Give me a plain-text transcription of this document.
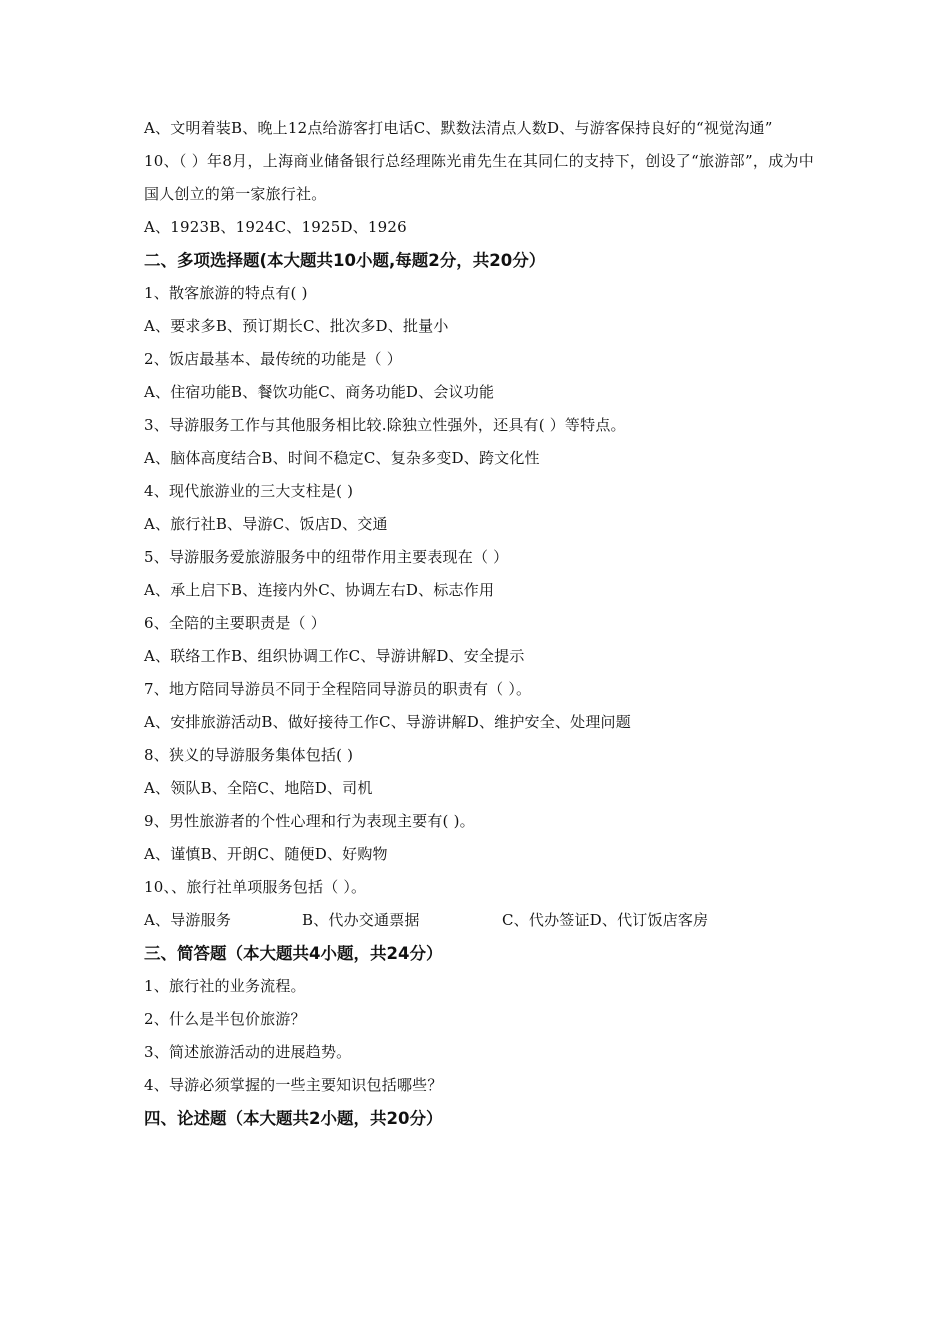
A、文明着装B、晚上12点给游客打电话C、默数法清点人数D、与游客保持良好的“视觉沟通”
10、（ ）年8月，上海商业储备银行总经理陈光甫先生在其同仁的支持下，创设了“旅游部”，成为中国人创立的第一家旅行社。
A、1923B、1924C、1925D、1926
二、多项选择题(本大题共10小题,每题2分，共20分）
1、散客旅游的特点有( )
A、要求多B、预订期长C、批次多D、批量小
2、饭店最基本、最传统的功能是（ ）
A、住宿功能B、餐饮功能C、商务功能D、会议功能
3、导游服务工作与其他服务相比较.除独立性强外，还具有( ）等特点。
A、脑体高度结合B、时间不稳定C、复杂多变D、跨文化性
4、现代旅游业的三大支柱是( )
A、旅行社B、导游C、饭店D、交通
5、导游服务爱旅游服务中的纽带作用主要表现在（ ）
A、承上启下B、连接内外C、协调左右D、标志作用
6、全陪的主要职责是（ ）
A、联络工作B、组织协调工作C、导游讲解D、安全提示
7、地方陪同导游员不同于全程陪同导游员的职责有（ ）。
A、安排旅游活动B、做好接待工作C、导游讲解D、维护安全、处理问题
8、狭义的导游服务集体包括( )
A、领队B、全陪C、地陪D、司机
9、男性旅游者的个性心理和行为表现主要有( )。
A、谨慎B、开朗C、随便D、好购物
10、、旅行社单项服务包括（ ）。
A、导游服务	B、代办交通票据	C、代办签证D、代订饭店客房
三、简答题（本大题共4小题，共24分）
1、旅行社的业务流程。
2、什么是半包价旅游？
3、简述旅游活动的进展趋势。
4、导游必须掌握的一些主要知识包括哪些？
四、论述题（本大题共2小题，共20分）
